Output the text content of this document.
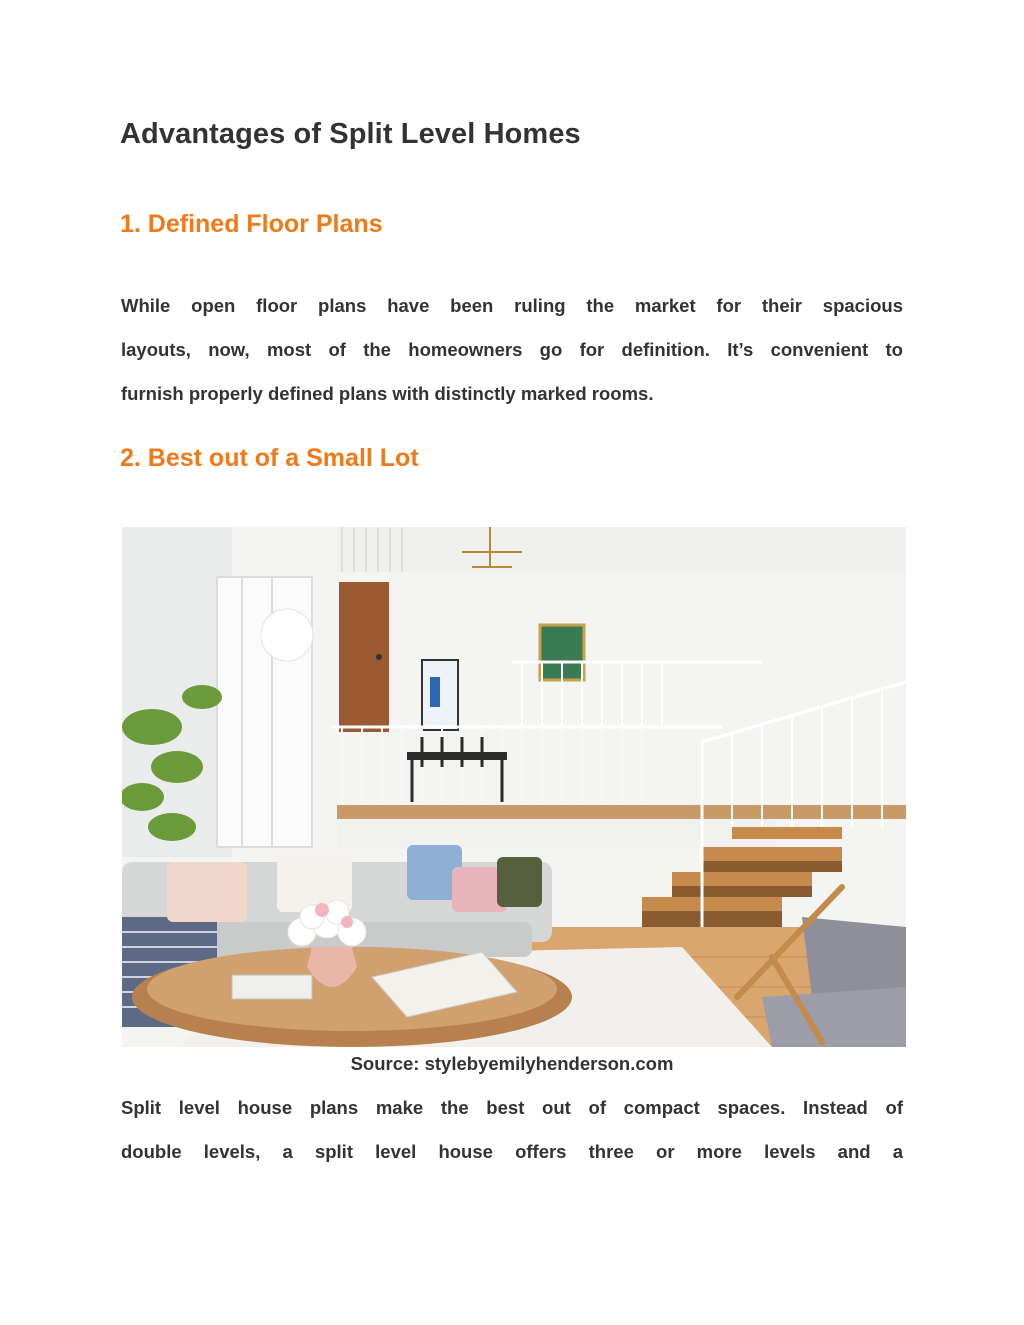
Advantages of Split Level Homes
1. Defined Floor Plans

While open floor plans have been ruling the market for their spacious
layouts, now, most of the homeowners go for definition. It’s convenient to
furnish properly defined plans with distinctly marked rooms.

2. Best out of a Small Lot

Source: stylebyemilyhenderson.com

Split level house plans make the best out of compact spaces. Instead of
double levels, a split level house offers three or more levels and a
